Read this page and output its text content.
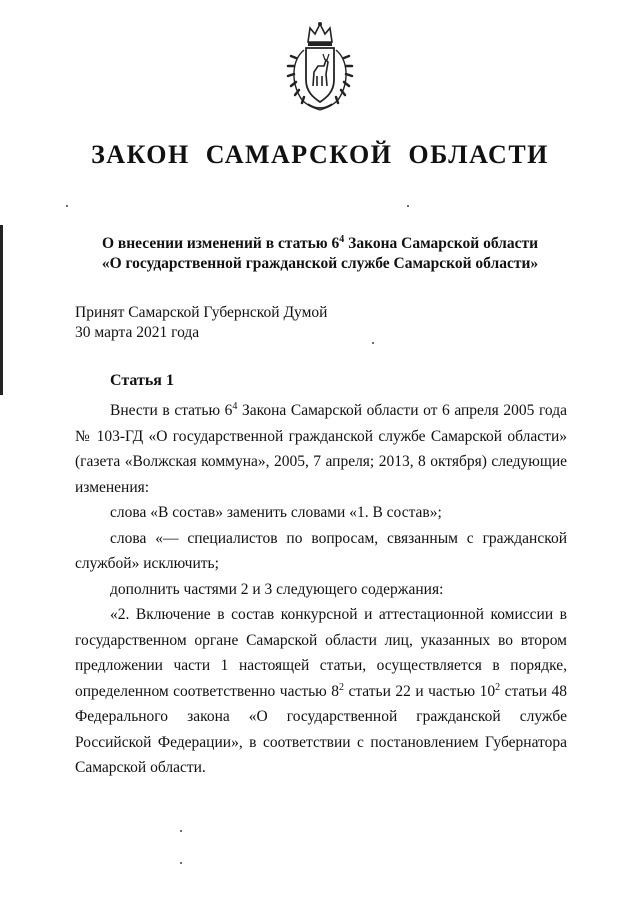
ЗАКОН САМАРСКОЙ ОБЛАСТИ
О внесении изменений в статью $6^4$ Закона Самарской области
«О государственной гражданской службе Самарской области»
Принят Самарской Губернской Думой
30 марта 2021 года
Статья 1

Внести в статью $6^4$ Закона Самарской области от 6 апреля 2005 года № 103-ГД «О государственной гражданской службе Самарской области» (газета «Волжская коммуна», 2005, 7 апреля; 2013, 8 октября) следующие изменения:

слова «В состав» заменить словами «1. В состав»;

слова «— специалистов по вопросам, связанным с гражданской службой» исключить;

дополнить частями 2 и 3 следующего содержания:

«2. Включение в состав конкурсной и аттестационной комиссии в государственном органе Самарской области лиц, указанных во втором предложении части 1 настоящей статьи, осуществляется в порядке, определенном соответственно частью $8^2$ статьи 22 и частью $10^2$ статьи 48 Федерального закона «О государственной гражданской службе Российской Федерации», в соответствии с постановлением Губернатора Самарской области.
